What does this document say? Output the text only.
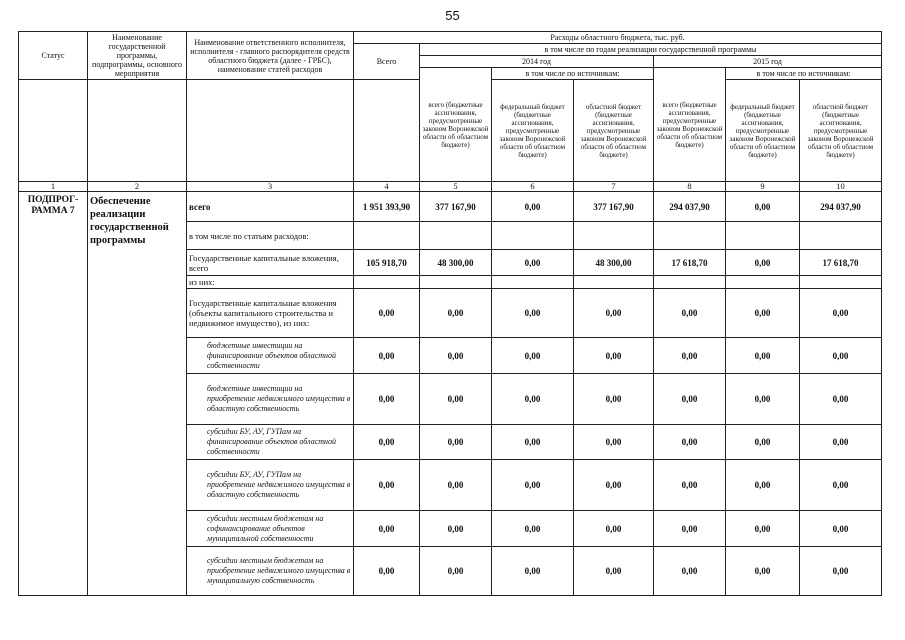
55
Статус	Наименование государственной программы, подпрограммы, основного мероприятия	Наименование ответственного исполнителя, исполнителя - главного распорядителя средств областного бюджета (далее - ГРБС), наименование статей расходов	Расходы областного бюджета, тыс. руб.						
			Всего	в том числе по годам реализации государственной программы					
				2014 год			2015 год		
				всего (бюджетные ассигнования, предусмотренные законом Воронежской области об областном бюджете)	в том числе по источникам:		всего (бюджетные ассигнования, предусмотренные законом Воронежской области об областном бюджете)	в том числе по источникам:	
					федеральный бюджет (бюджетные ассигнования, предусмотренные законом Воронежской области об областном бюджете)	областной бюджет (бюджетные ассигнования, предусмотренные законом Воронежской области об областном бюджете)		федеральный бюджет (бюджетные ассигнования, предусмотренные законом Воронежской области об областном бюджете)	областной бюджет (бюджетные ассигнования, предусмотренные законом Воронежской области об областном бюджете)
1	2	3	4	5	6	7	8	9	10
ПОДПРОГ-РАММА 7	Обеспечение реализации государственной программы	всего	1 951 393,90	377 167,90	0,00	377 167,90	294 037,90	0,00	294 037,90
		в том числе по статьям расходов:							
		Государственные капитальные вложения, всего	105 918,70	48 300,00	0,00	48 300,00	17 618,70	0,00	17 618,70
		из них:							
		Государственные капитальные вложения (объекты капитального строительства и недвижимое имущество), из них:	0,00	0,00	0,00	0,00	0,00	0,00	0,00
		бюджетные инвестиции на финансирование объектов областной собственности	0,00	0,00	0,00	0,00	0,00	0,00	0,00
		бюджетные инвестиции на приобретение недвижимого имущества в областную собственность	0,00	0,00	0,00	0,00	0,00	0,00	0,00
		субсидии БУ, АУ, ГУПам на финансирование объектов областной собственности	0,00	0,00	0,00	0,00	0,00	0,00	0,00
		субсидии БУ, АУ, ГУПам на приобретение недвижимого имущества в областную собственность	0,00	0,00	0,00	0,00	0,00	0,00	0,00
		субсидии местным бюджетам на софинансирование объектов муниципальной собственности	0,00	0,00	0,00	0,00	0,00	0,00	0,00
		субсидии местным бюджетам на приобретение недвижимого имущества в муниципальную собственность	0,00	0,00	0,00	0,00	0,00	0,00	0,00
